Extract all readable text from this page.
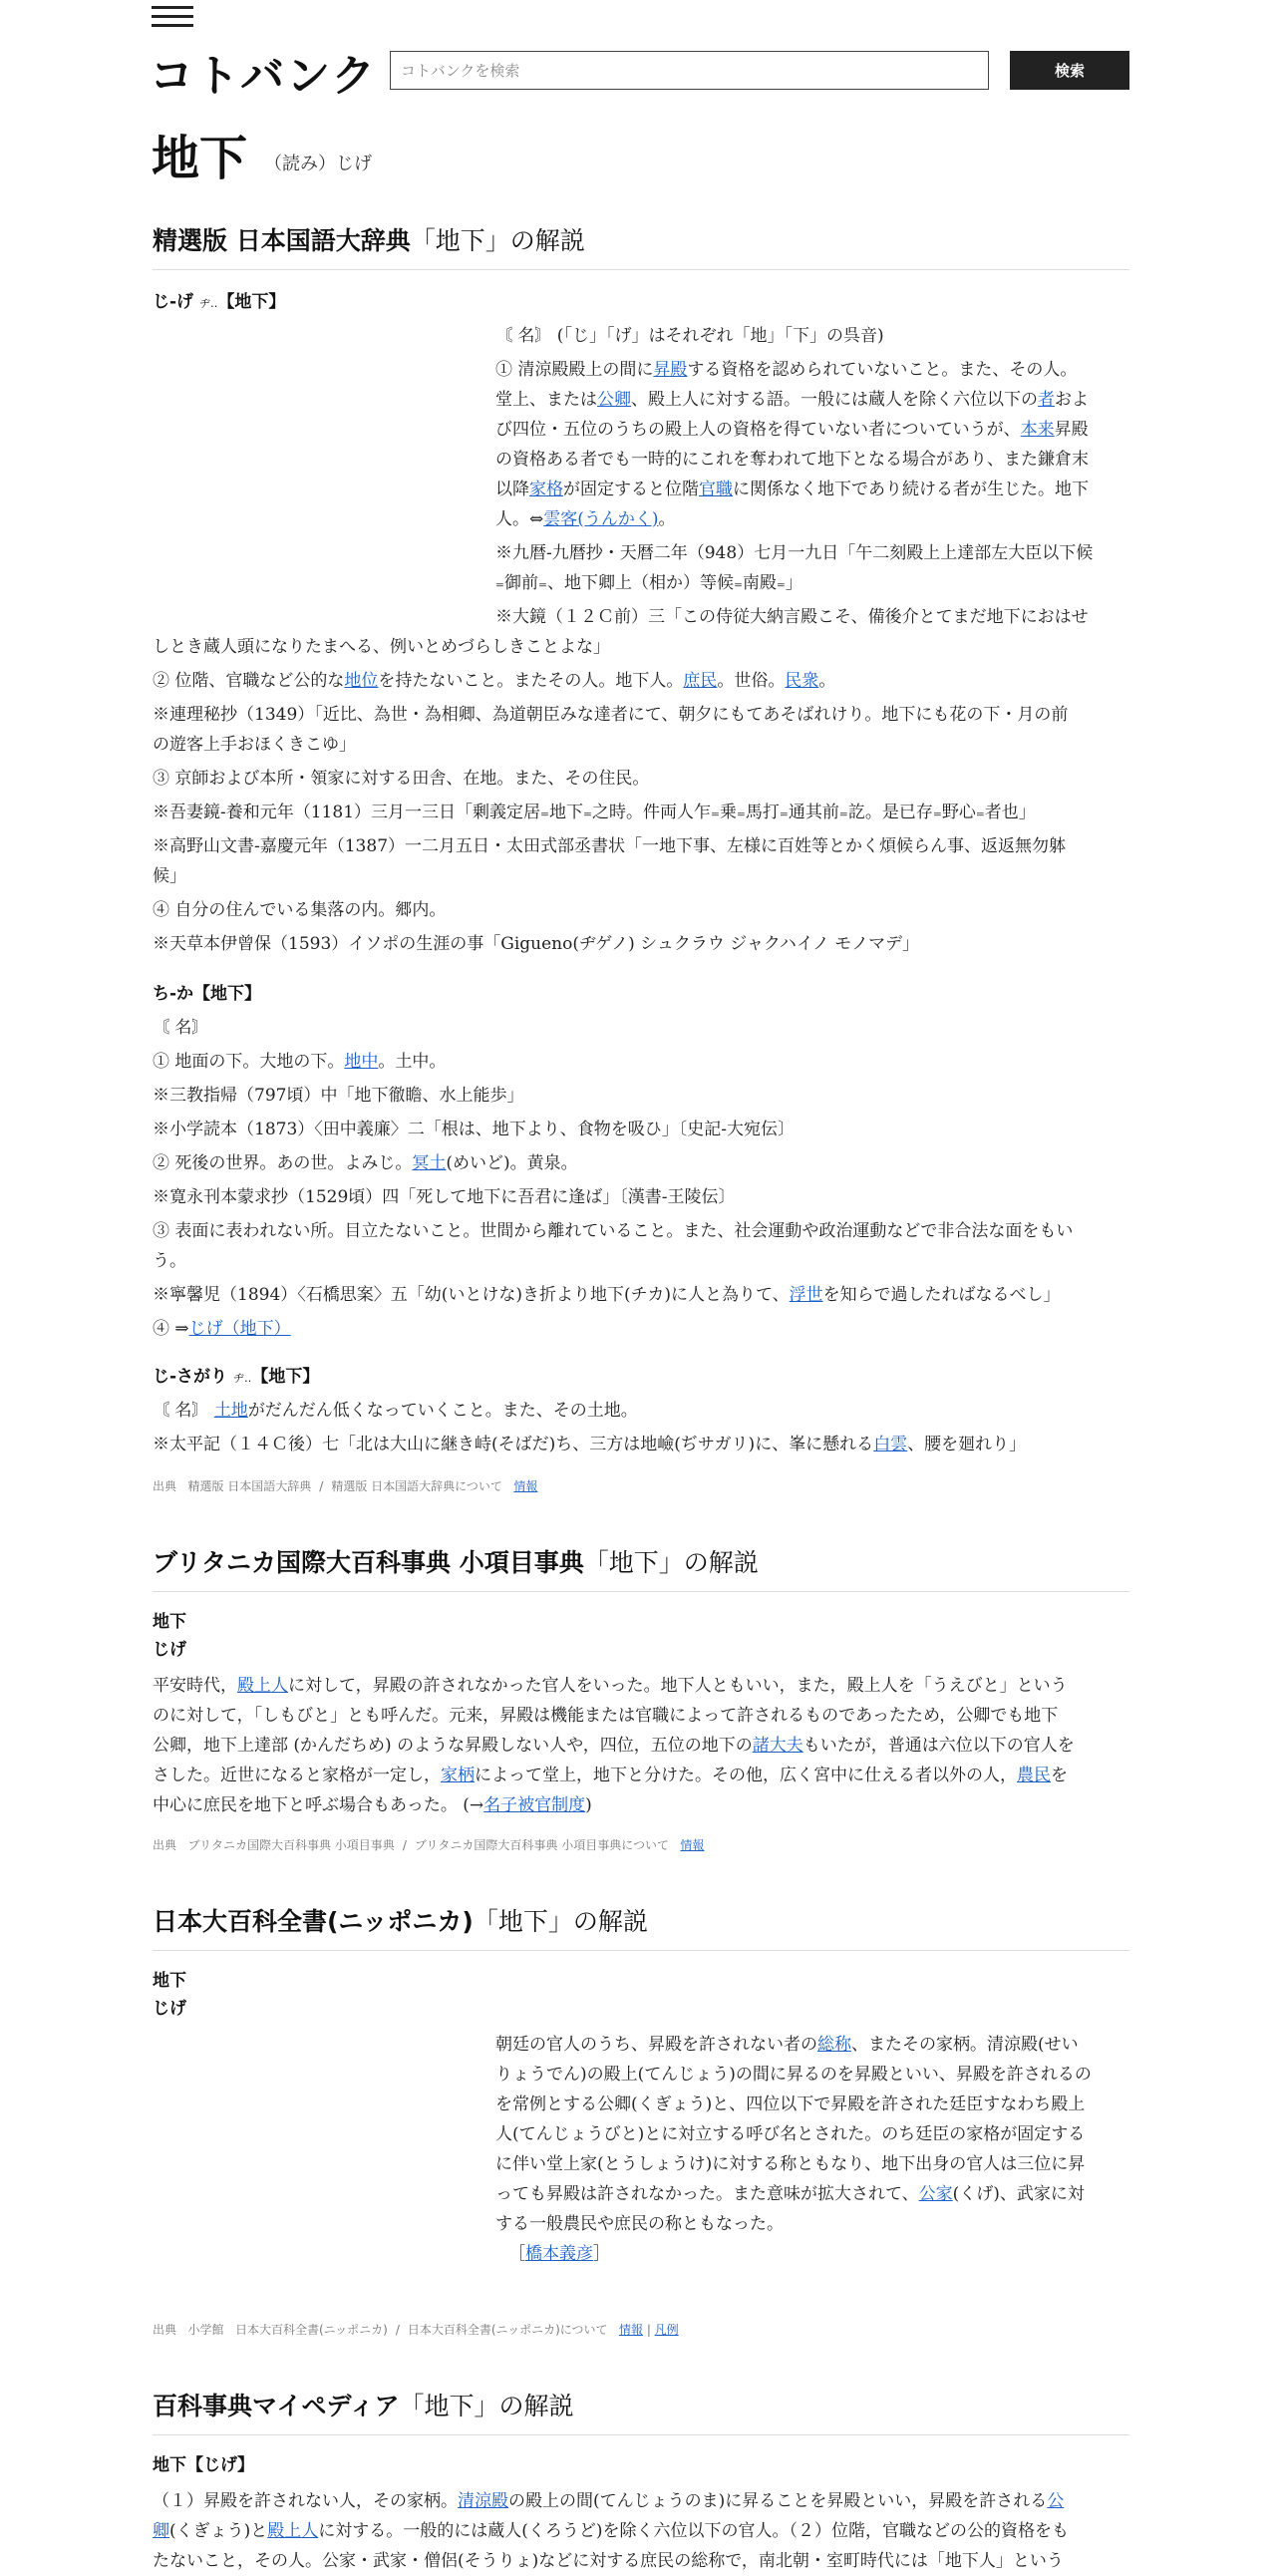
コトバンク
コトバンクを検索	検索
地下 （読み）じげ
精選版 日本国語大辞典「地下」の解説
じ-げ ヂ‥【地下】
〘 名〙 (「じ」「げ」はそれぞれ「地」「下」の呉音)
① 清涼殿殿上の間に昇殿する資格を認められていないこと。また、その人。
堂上、または公卿、殿上人に対する語。一般には蔵人を除く六位以下の者およ
び四位・五位のうちの殿上人の資格を得ていない者についていうが、本来昇殿
の資格ある者でも一時的にこれを奪われて地下となる場合があり、また鎌倉末
以降家格が固定すると位階官職に関係なく地下であり続ける者が生じた。地下
人。⇔雲客(うんかく)。
※九暦-九暦抄・天暦二年（948）七月一九日「午二刻殿上上達部左大臣以下候
₌御前₌、地下卿上（相か）等候₌南殿₌」
※大鏡（１２Ｃ前）三「この侍従大納言殿こそ、備後介とてまだ地下におはせ
しとき蔵人頭になりたまへる、例いとめづらしきことよな」
② 位階、官職など公的な地位を持たないこと。またその人。地下人。庶民。世俗。民衆。
※連理秘抄（1349）「近比、為世・為相卿、為道朝臣みな達者にて、朝夕にもてあそばれけり。地下にも花の下・月の前
の遊客上手おほくきこゆ」
③ 京師および本所・領家に対する田舎、在地。また、その住民。
※吾妻鏡-養和元年（1181）三月一三日「剰義定居₌地下₌之時。件両人乍₌乗₌馬打₌通其前₌訖。是已存₌野心₌者也」
※高野山文書-嘉慶元年（1387）一二月五日・太田式部丞書状「一地下事、左様に百姓等とかく煩候らん事、返返無勿躰
候」
④ 自分の住んでいる集落の内。郷内。
※天草本伊曾保（1593）イソポの生涯の事「Giguenо(ヂゲノ) シュクラウ ジャクハイノ モノマデ」
ち-か【地下】
〘 名〙
① 地面の下。大地の下。地中。土中。
※三教指帰（797頃）中「地下徹瞻、水上能歩」
※小学読本（1873）〈田中義廉〉二「根は、地下より、食物を吸ひ」〔史記-大宛伝〕
② 死後の世界。あの世。よみじ。冥土(めいど)。黄泉。
※寛永刊本蒙求抄（1529頃）四「死して地下に吾君に逢ば」〔漢書-王陵伝〕
③ 表面に表われない所。目立たないこと。世間から離れていること。また、社会運動や政治運動などで非合法な面をもい
う。
※寧馨児（1894）〈石橋思案〉五「幼(いとけな)き折より地下(チカ)に人と為りて、浮世を知らで過したればなるべし」
④ ⇒じげ（地下）
じ-さがり ヂ‥【地下】
〘 名〙 土地がだんだん低くなっていくこと。また、その土地。
※太平記（１４Ｃ後）七「北は大山に継き峙(そばだ)ち、三方は地嶮(ぢサガリ)に、峯に懸れる白雲、腰を廻れり」
出典 精選版 日本国語大辞典 / 精選版 日本国語大辞典について 情報
ブリタニカ国際大百科事典 小項目事典「地下」の解説
地下
じげ
平安時代，殿上人に対して，昇殿の許されなかった官人をいった。地下人ともいい，また，殿上人を「うえびと」という
のに対して，「しもびと」とも呼んだ。元来，昇殿は機能または官職によって許されるものであったため，公卿でも地下
公卿，地下上達部 (かんだちめ) のような昇殿しない人や，四位，五位の地下の諸大夫もいたが，普通は六位以下の官人を
さした。近世になると家格が一定し，家柄によって堂上，地下と分けた。その他，広く宮中に仕える者以外の人，農民を
中心に庶民を地下と呼ぶ場合もあった。 (→名子被官制度)
出典 ブリタニカ国際大百科事典 小項目事典 / ブリタニカ国際大百科事典 小項目事典について 情報
日本大百科全書(ニッポニカ)「地下」の解説
地下
じげ
朝廷の官人のうち、昇殿を許されない者の総称、またその家柄。清涼殿(せい
りょうでん)の殿上(てんじょう)の間に昇るのを昇殿といい、昇殿を許されるの
を常例とする公卿(くぎょう)と、四位以下で昇殿を許された廷臣すなわち殿上
人(てんじょうびと)とに対立する呼び名とされた。のち廷臣の家格が固定する
に伴い堂上家(とうしょうけ)に対する称ともなり、地下出身の官人は三位に昇
っても昇殿は許されなかった。また意味が拡大されて、公家(くげ)、武家に対
する一般農民や庶民の称ともなった。
［橋本義彦］
出典 小学館 日本大百科全書(ニッポニカ) / 日本大百科全書(ニッポニカ)について 情報 | 凡例
百科事典マイペディア「地下」の解説
地下【じげ】
（１）昇殿を許されない人，その家柄。清涼殿の殿上の間(てんじょうのま)に昇ることを昇殿といい，昇殿を許される公
卿(くぎょう)と殿上人に対する。一般的には蔵人(くろうど)を除く六位以下の官人。（２）位階，官職などの公的資格をも
たないこと，その人。公家・武家・僧侶(そうりょ)などに対する庶民の総称で，南北朝・室町時代には「地下人」という
